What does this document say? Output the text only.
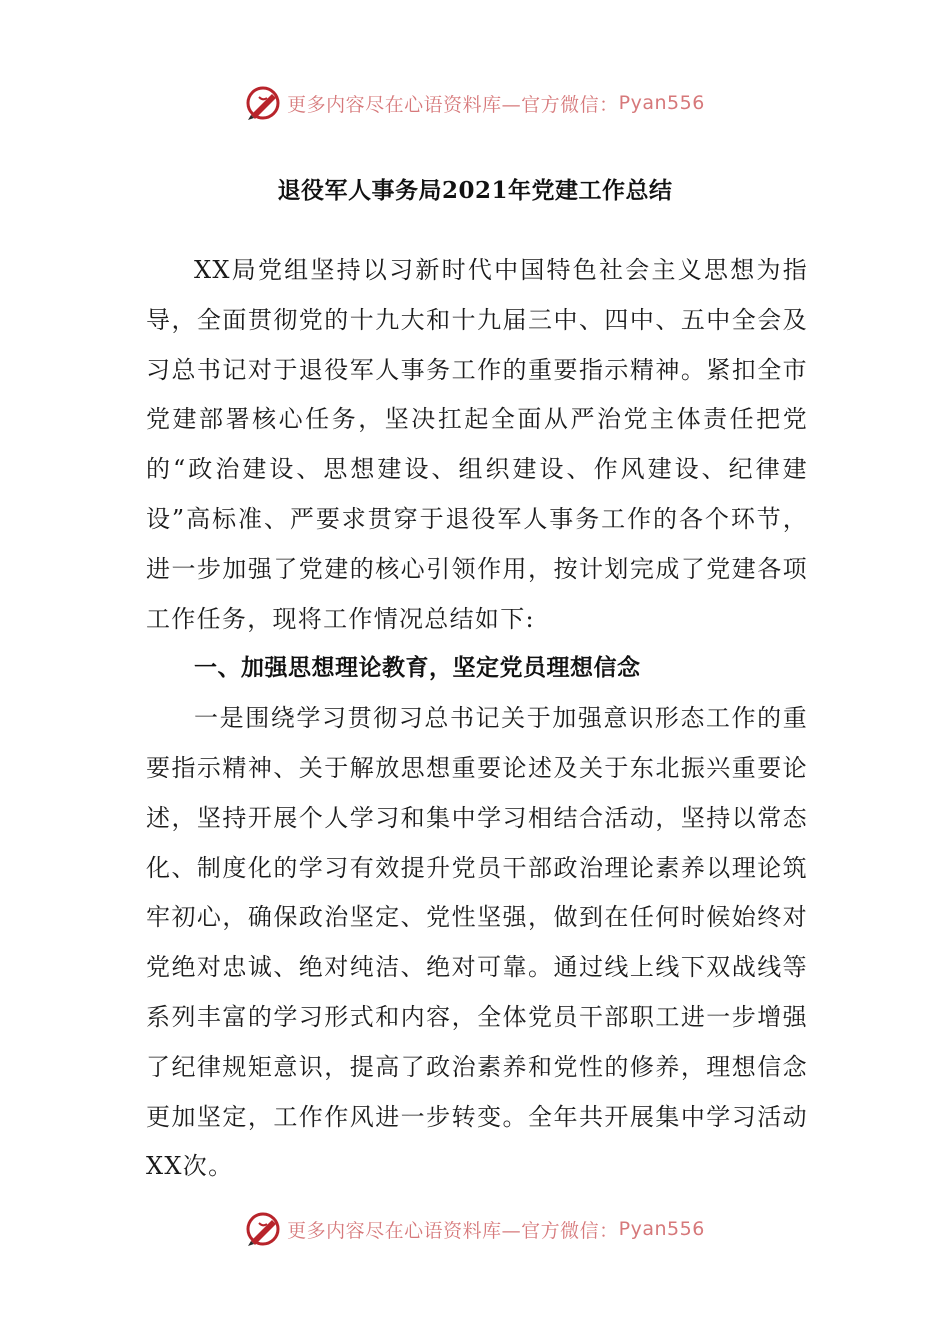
更多内容尽在心语资料库—官方微信： Pyan556
退役军人事务局2021年党建工作总结

XX局党组坚持以习新时代中国特色社会主义思想为指导，全面贯彻党的十九大和十九届三中、四中、五中全会及习总书记对于退役军人事务工作的重要指示精神。紧扣全市党建部署核心任务，坚决扛起全面从严治党主体责任把党的“政治建设、思想建设、组织建设、作风建设、纪律建设”高标准、严要求贯穿于退役军人事务工作的各个环节，进一步加强了党建的核心引领作用，按计划完成了党建各项工作任务，现将工作情况总结如下:

一、加强思想理论教育，坚定党员理想信念

一是围绕学习贯彻习总书记关于加强意识形态工作的重要指示精神、关于解放思想重要论述及关于东北振兴重要论述，坚持开展个人学习和集中学习相结合活动，坚持以常态化、制度化的学习有效提升党员干部政治理论素养以理论筑牢初心，确保政治坚定、党性坚强，做到在任何时候始终对党绝对忠诚、绝对纯洁、绝对可靠。通过线上线下双战线等系列丰富的学习形式和内容，全体党员干部职工进一步增强了纪律规矩意识，提高了政治素养和党性的修养，理想信念更加坚定，工作作风进一步转变。全年共开展集中学习活动XX次。

更多内容尽在心语资料库—官方微信： Pyan556
